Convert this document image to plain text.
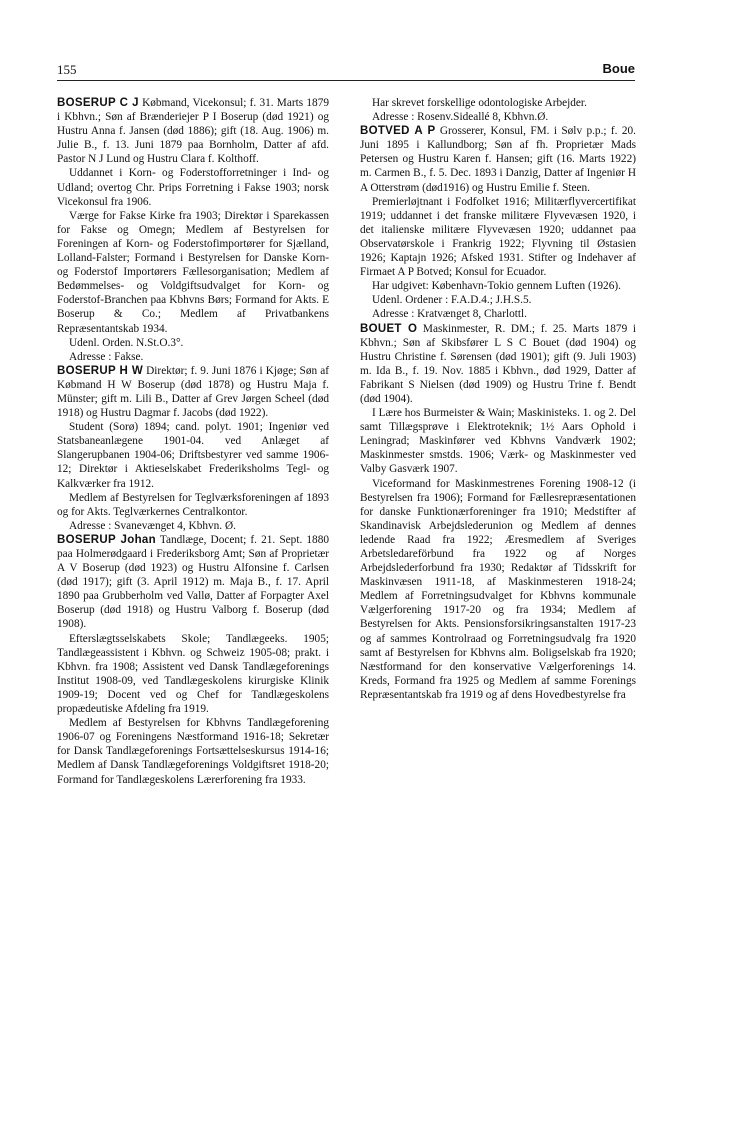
155	Boue

BOSERUP C J Købmand, Vicekonsul; f. 31. Marts 1879 i Kbhvn.; Søn af Brænderiejer P I Boserup (død 1921) og Hustru Anna f. Jansen (død 1886); gift (18. Aug. 1906) m. Julie B., f. 13. Juni 1879 paa Bornholm, Datter af afd. Pastor N J Lund og Hustru Clara f. Kolthoff.

Uddannet i Korn- og Foderstofforretninger i Ind- og Udland; overtog Chr. Prips Forretning i Fakse 1903; norsk Vicekonsul fra 1906.

Værge for Fakse Kirke fra 1903; Direktør i Sparekassen for Fakse og Omegn; Medlem af Bestyrelsen for Foreningen af Korn- og Foderstofimportører for Sjælland, Lolland-Falster; Formand i Bestyrelsen for Danske Korn- og Foderstof Importørers Fællesorganisation; Medlem af Bedømmelses- og Voldgiftsudvalget for Korn- og Foderstof-Branchen paa Kbhvns Børs; Formand for Akts. E Boserup & Co.; Medlem af Privatbankens Repræsentantskab 1934.

Udenl. Orden. N.St.O.3°.

Adresse : Fakse.

BOSERUP H W Direktør; f. 9. Juni 1876 i Kjøge; Søn af Købmand H W Boserup (død 1878) og Hustru Maja f. Münster; gift m. Lili B., Datter af Grev Jørgen Scheel (død 1918) og Hustru Dagmar f. Jacobs (død 1922).

Student (Sorø) 1894; cand. polyt. 1901; Ingeniør ved Statsbaneanlægene 1901-04. ved Anlæget af Slangerupbanen 1904-06; Driftsbestyrer ved samme 1906-12; Direktør i Aktieselskabet Frederiksholms Tegl- og Kalkværker fra 1912.

Medlem af Bestyrelsen for Teglværksforeningen af 1893 og for Akts. Teglværkernes Centralkontor.

Adresse : Svanevænget 4, Kbhvn. Ø.

BOSERUP Johan Tandlæge, Docent; f. 21. Sept. 1880 paa Holmerødgaard i Frederiksborg Amt; Søn af Proprietær A V Boserup (død 1923) og Hustru Alfonsine f. Carlsen (død 1917); gift (3. April 1912) m. Maja B., f. 17. April 1890 paa Grubberholm ved Vallø, Datter af Forpagter Axel Boserup (død 1918) og Hustru Valborg f. Boserup (død 1908).

Efterslægtsselskabets Skole; Tandlægeeks. 1905; Tandlægeassistent i Kbhvn. og Schweiz 1905-08; prakt. i Kbhvn. fra 1908; Assistent ved Dansk Tandlægeforenings Institut 1908-09, ved Tandlægeskolens kirurgiske Klinik 1909-19; Docent ved og Chef for Tandlægeskolens propædeutiske Afdeling fra 1919.

Medlem af Bestyrelsen for Kbhvns Tandlægeforening 1906-07 og Foreningens Næstformand 1916-18; Sekretær for Dansk Tandlægeforenings Fortsættelseskursus 1914-16; Medlem af Dansk Tandlægeforenings Voldgiftsret 1918-20; Formand for Tandlægeskolens Lærerforening fra 1933.

Har skrevet forskellige odontologiske Arbejder.

Adresse : Rosenv.Sideallé 8, Kbhvn.Ø.

BOTVED A P Grosserer, Konsul, FM. i Sølv p.p.; f. 20. Juni 1895 i Kallundborg; Søn af fh. Proprietær Mads Petersen og Hustru Karen f. Hansen; gift (16. Marts 1922) m. Carmen B., f. 5. Dec. 1893 i Danzig, Datter af Ingeniør H A Otterstrøm (død1916) og Hustru Emilie f. Steen.

Premierløjtnant i Fodfolket 1916; Militærflyvercertifikat 1919; uddannet i det franske militære Flyvevæsen 1920, i det italienske militære Flyvevæsen 1920; uddannet paa Observatørskole i Frankrig 1922; Flyvning til Østasien 1926; Kaptajn 1926; Afsked 1931. Stifter og Indehaver af Firmaet A P Botved; Konsul for Ecuador.

Har udgivet: København-Tokio gennem Luften (1926).

Udenl. Ordener : F.A.D.4.; J.H.S.5.

Adresse : Kratvænget 8, Charlottl.

BOUET O Maskinmester, R. DM.; f. 25. Marts 1879 i Kbhvn.; Søn af Skibsfører L S C Bouet (død 1904) og Hustru Christine f. Sørensen (død 1901); gift (9. Juli 1903) m. Ida B., f. 19. Nov. 1885 i Kbhvn., død 1929, Datter af Fabrikant S Nielsen (død 1909) og Hustru Trine f. Bendt (død 1904).

I Lære hos Burmeister & Wain; Maskinisteks. 1. og 2. Del samt Tillægsprøve i Elektroteknik; 1½ Aars Ophold i Leningrad; Maskinfører ved Kbhvns Vandværk 1902; Maskinmester smstds. 1906; Værk- og Maskinmester ved Valby Gasværk 1907.

Viceformand for Maskinmestrenes Forening 1908-12 (i Bestyrelsen fra 1906); Formand for Fællesrepræsentationen for danske Funktionærforeninger fra 1910; Medstifter af Skandinavisk Arbejdslederunion og Medlem af dennes ledende Raad fra 1922; Æresmedlem af Sveriges Arbetsledareförbund fra 1922 og af Norges Arbejdslederforbund fra 1930; Redaktør af Tidsskrift for Maskinvæsen 1911-18, af Maskinmesteren 1918-24; Medlem af Forretningsudvalget for Kbhvns kommunale Vælgerforening 1917-20 og fra 1934; Medlem af Bestyrelsen for Akts. Pensionsforsikringsanstalten 1917-23 og af sammes Kontrolraad og Forretningsudvalg fra 1920 samt af Bestyrelsen for Kbhvns alm. Boligselskab fra 1920; Næstformand for den konservative Vælgerforenings 14. Kreds, Formand fra 1925 og Medlem af samme Forenings Repræsentantskab fra 1919 og af dens Hovedbestyrelse fra
